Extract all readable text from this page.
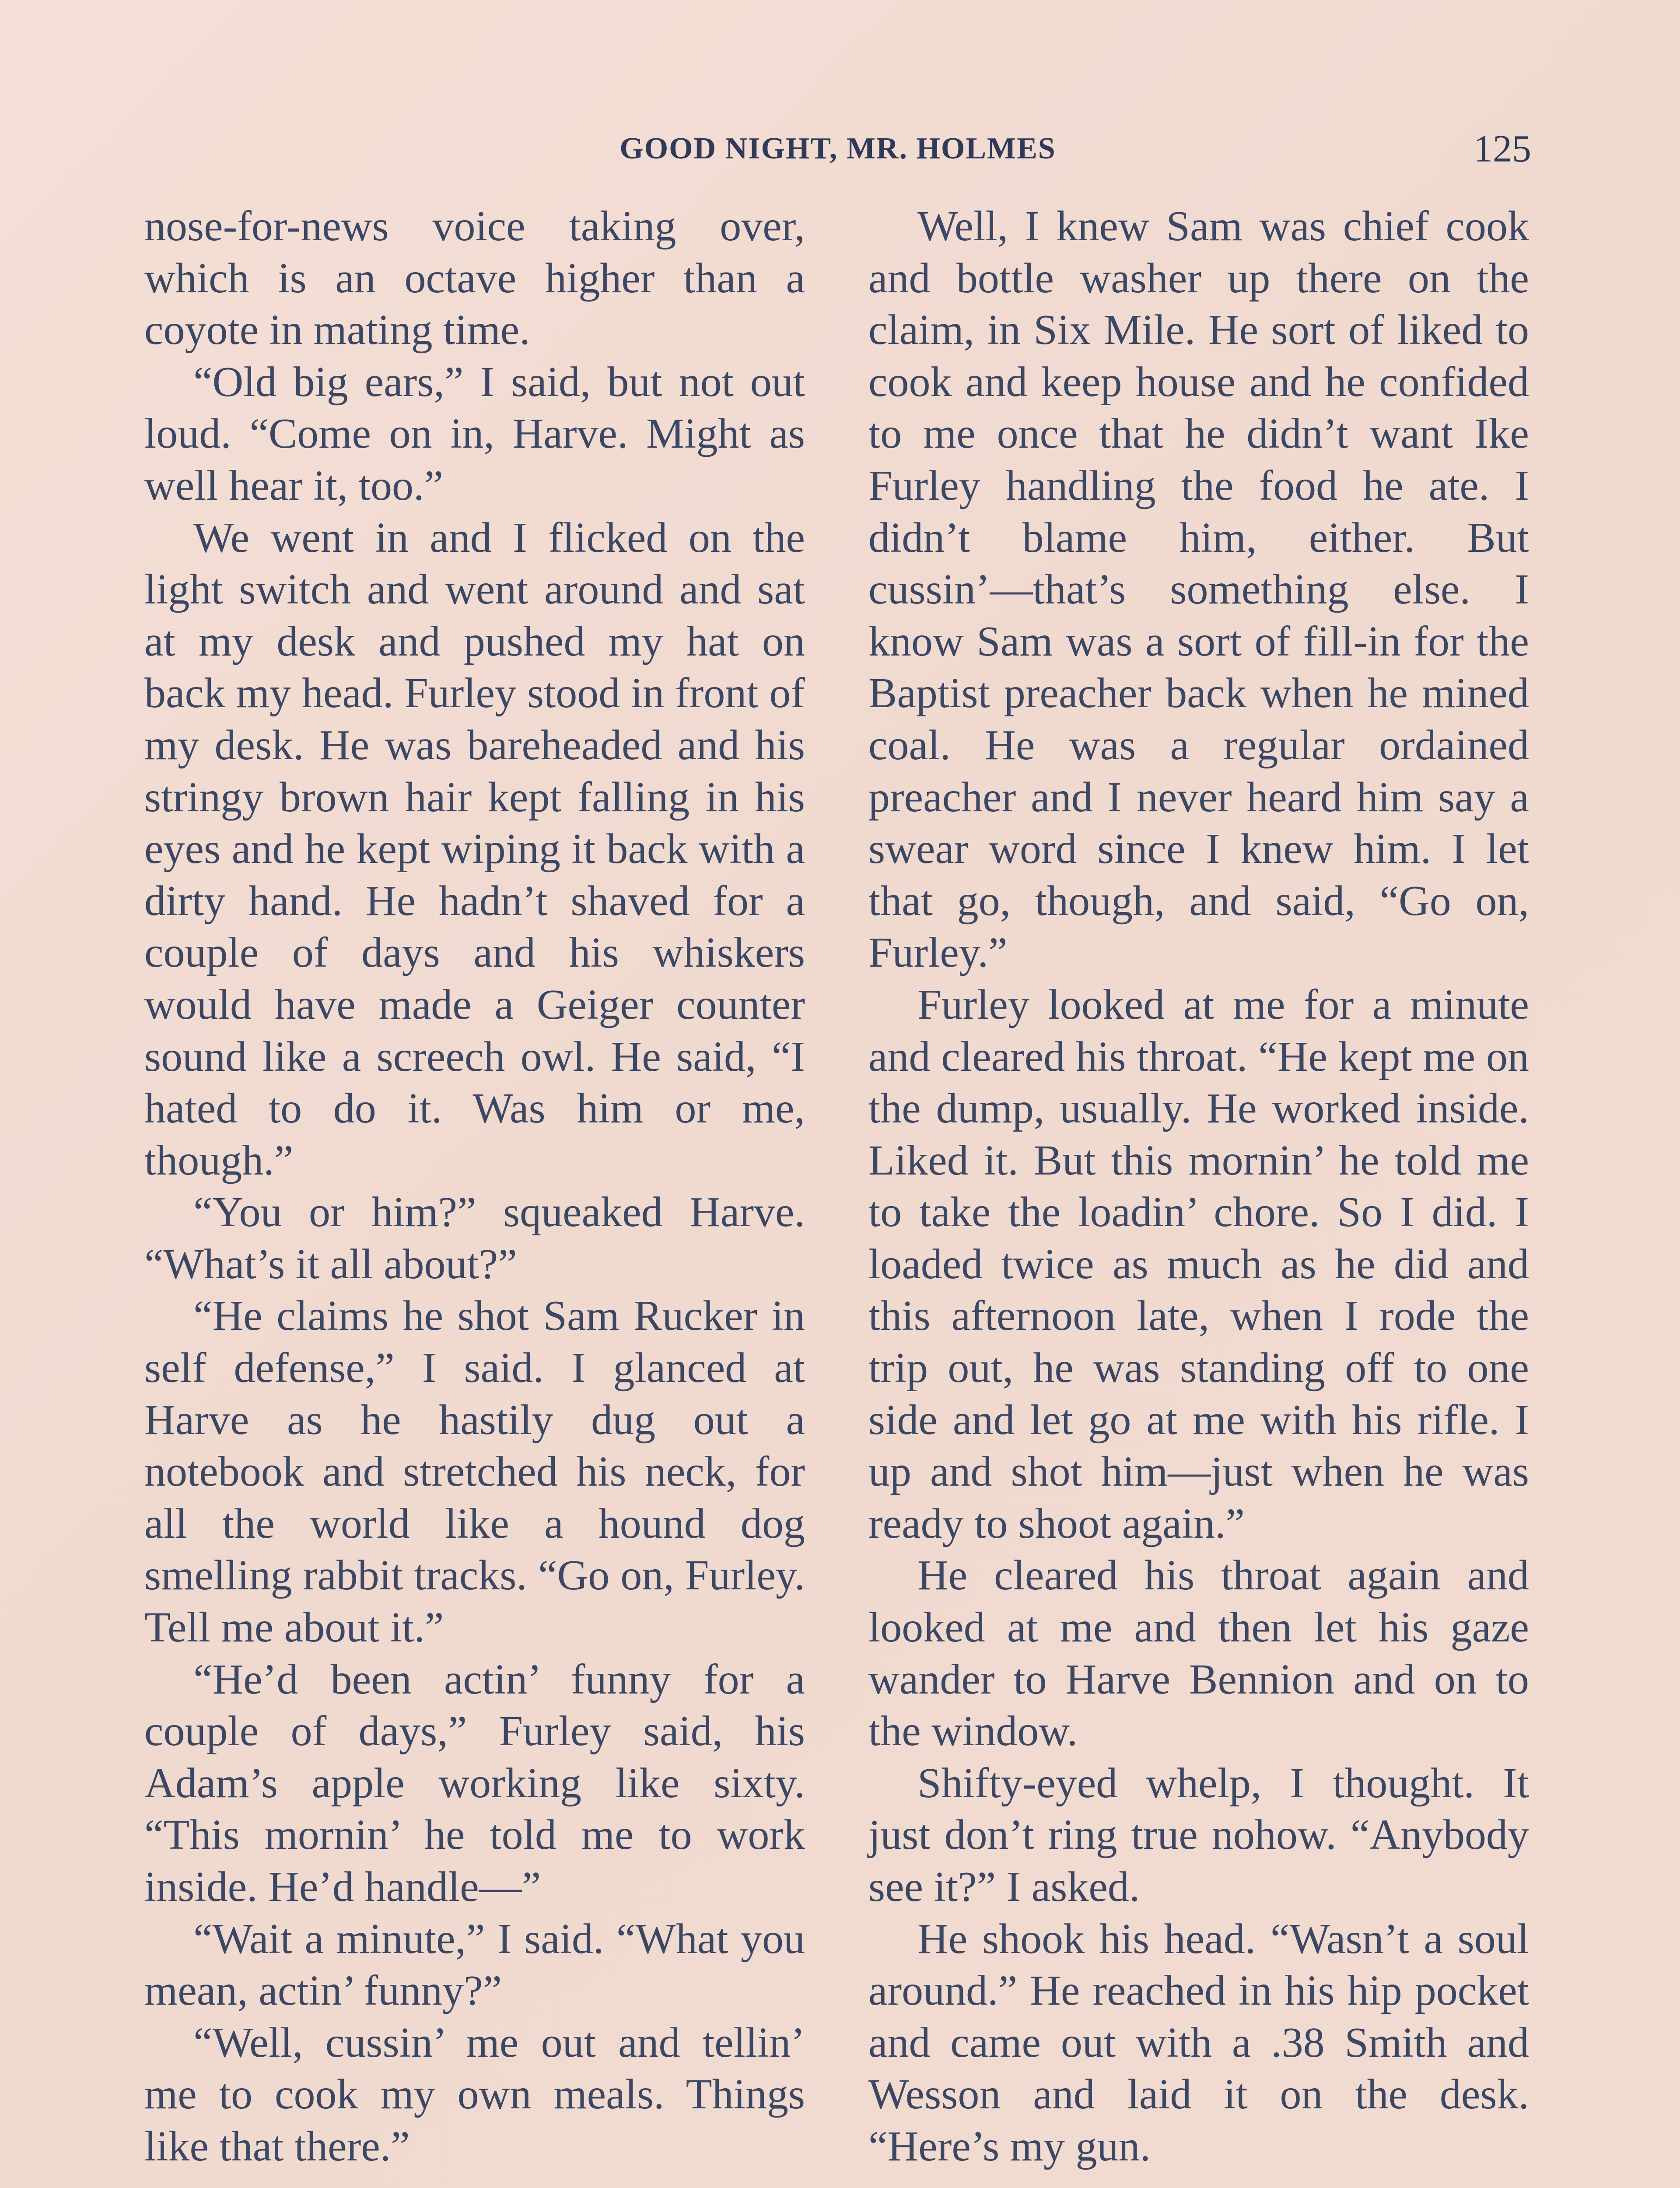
GOOD NIGHT, MR. HOLMES	125

nose-for-news voice taking over, which is an octave higher than a coyote in mating time.

“Old big ears,” I said, but not out loud. “Come on in, Harve. Might as well hear it, too.”

We went in and I flicked on the light switch and went around and sat at my desk and pushed my hat on back my head. Furley stood in front of my desk. He was bareheaded and his stringy brown hair kept falling in his eyes and he kept wiping it back with a dirty hand. He hadn’t shaved for a couple of days and his whiskers would have made a Geiger counter sound like a screech owl. He said, “I hated to do it. Was him or me, though.”

“You or him?” squeaked Harve. “What’s it all about?”

“He claims he shot Sam Rucker in self defense,” I said. I glanced at Harve as he hastily dug out a notebook and stretched his neck, for all the world like a hound dog smelling rabbit tracks. “Go on, Furley. Tell me about it.”

“He’d been actin’ funny for a couple of days,” Furley said, his Adam’s apple working like sixty. “This mornin’ he told me to work inside. He’d handle—”

“Wait a minute,” I said. “What you mean, actin’ funny?”

“Well, cussin’ me out and tellin’ me to cook my own meals. Things like that there.”

Well, I knew Sam was chief cook and bottle washer up there on the claim, in Six Mile. He sort of liked to cook and keep house and he confided to me once that he didn’t want Ike Furley handling the food he ate. I didn’t blame him, either. But cussin’—that’s something else. I know Sam was a sort of fill-in for the Baptist preacher back when he mined coal. He was a regular ordained preacher and I never heard him say a swear word since I knew him. I let that go, though, and said, “Go on, Furley.”

Furley looked at me for a minute and cleared his throat. “He kept me on the dump, usually. He worked inside. Liked it. But this mornin’ he told me to take the loadin’ chore. So I did. I loaded twice as much as he did and this afternoon late, when I rode the trip out, he was standing off to one side and let go at me with his rifle. I up and shot him—just when he was ready to shoot again.”

He cleared his throat again and looked at me and then let his gaze wander to Harve Bennion and on to the window.

Shifty-eyed whelp, I thought. It just don’t ring true nohow. “Anybody see it?” I asked.

He shook his head. “Wasn’t a soul around.” He reached in his hip pocket and came out with a .38 Smith and Wesson and laid it on the desk. “Here’s my gun.
